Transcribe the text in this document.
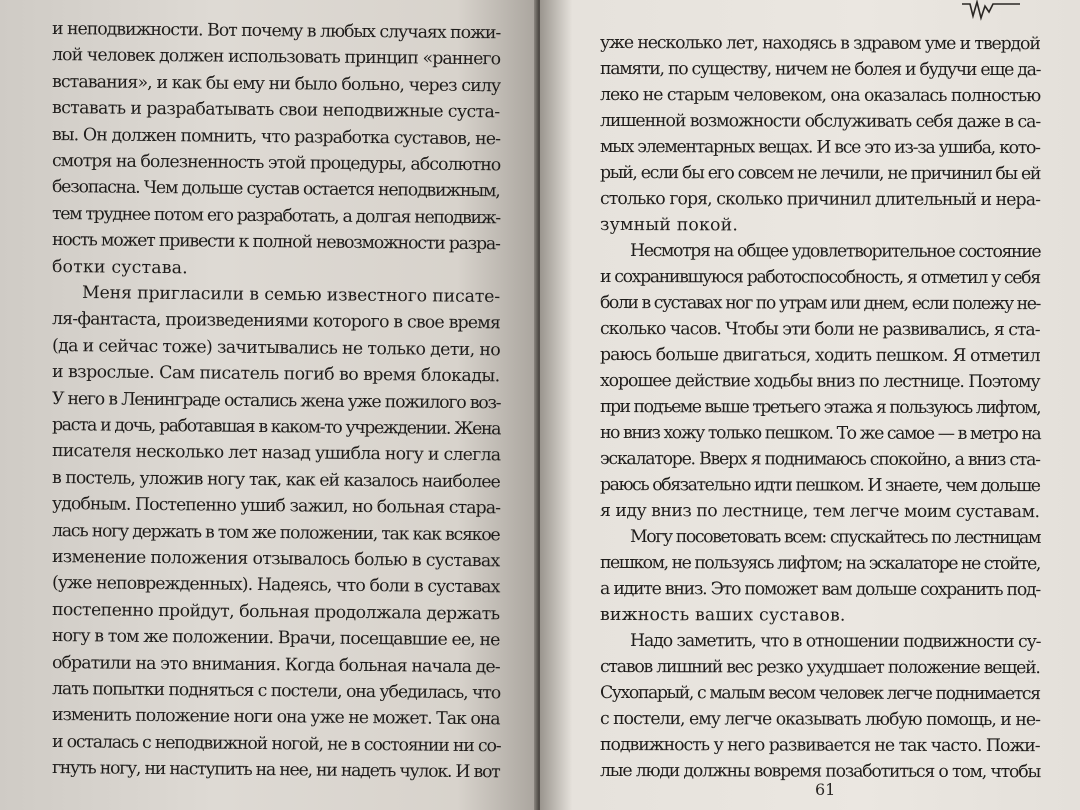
и неподвижности. Вот почему в любых случаях пожи-
лой человек должен использовать принцип «раннего
вставания», и как бы ему ни было больно, через силу
вставать и разрабатывать свои неподвижные суста-
вы. Он должен помнить, что разработка суставов, не-
смотря на болезненность этой процедуры, абсолютно
безопасна. Чем дольше сустав остается неподвижным,
тем труднее потом его разработать, а долгая неподвиж-
ность может привести к полной невозможности разра-
ботки сустава.
Меня пригласили в семью известного писате-
ля-фантаста, произведениями которого в свое время
(да и сейчас тоже) зачитывались не только дети, но
и взрослые. Сам писатель погиб во время блокады.
У него в Ленинграде остались жена уже пожилого воз-
раста и дочь, работавшая в каком-то учреждении. Жена
писателя несколько лет назад ушибла ногу и слегла
в постель, уложив ногу так, как ей казалось наиболее
удобным. Постепенно ушиб зажил, но больная стара-
лась ногу держать в том же положении, так как всякое
изменение положения отзывалось болью в суставах
(уже неповрежденных). Надеясь, что боли в суставах
постепенно пройдут, больная продолжала держать
ногу в том же положении. Врачи, посещавшие ее, не
обратили на это внимания. Когда больная начала де-
лать попытки подняться с постели, она убедилась, что
изменить положение ноги она уже не может. Так она
и осталась с неподвижной ногой, не в состоянии ни со-
гнуть ногу, ни наступить на нее, ни надеть чулок. И вот
уже несколько лет, находясь в здравом уме и твердой
памяти, по существу, ничем не болея и будучи еще да-
леко не старым человеком, она оказалась полностью
лишенной возможности обслуживать себя даже в са-
мых элементарных вещах. И все это из-за ушиба, кото-
рый, если бы его совсем не лечили, не причинил бы ей
столько горя, сколько причинил длительный и нера-
зумный покой.
Несмотря на общее удовлетворительное состояние
и сохранившуюся работоспособность, я отметил у себя
боли в суставах ног по утрам или днем, если полежу не-
сколько часов. Чтобы эти боли не развивались, я ста-
раюсь больше двигаться, ходить пешком. Я отметил
хорошее действие ходьбы вниз по лестнице. Поэтому
при подъеме выше третьего этажа я пользуюсь лифтом,
но вниз хожу только пешком. То же самое — в метро на
эскалаторе. Вверх я поднимаюсь спокойно, а вниз ста-
раюсь обязательно идти пешком. И знаете, чем дольше
я иду вниз по лестнице, тем легче моим суставам.
Могу посоветовать всем: спускайтесь по лестницам
пешком, не пользуясь лифтом; на эскалаторе не стойте,
а идите вниз. Это поможет вам дольше сохранить под-
вижность ваших суставов.
Надо заметить, что в отношении подвижности су-
ставов лишний вес резко ухудшает положение вещей.
Сухопарый, с малым весом человек легче поднимается
с постели, ему легче оказывать любую помощь, и не-
подвижность у него развивается не так часто. Пожи-
лые люди должны вовремя позаботиться о том, чтобы
61
